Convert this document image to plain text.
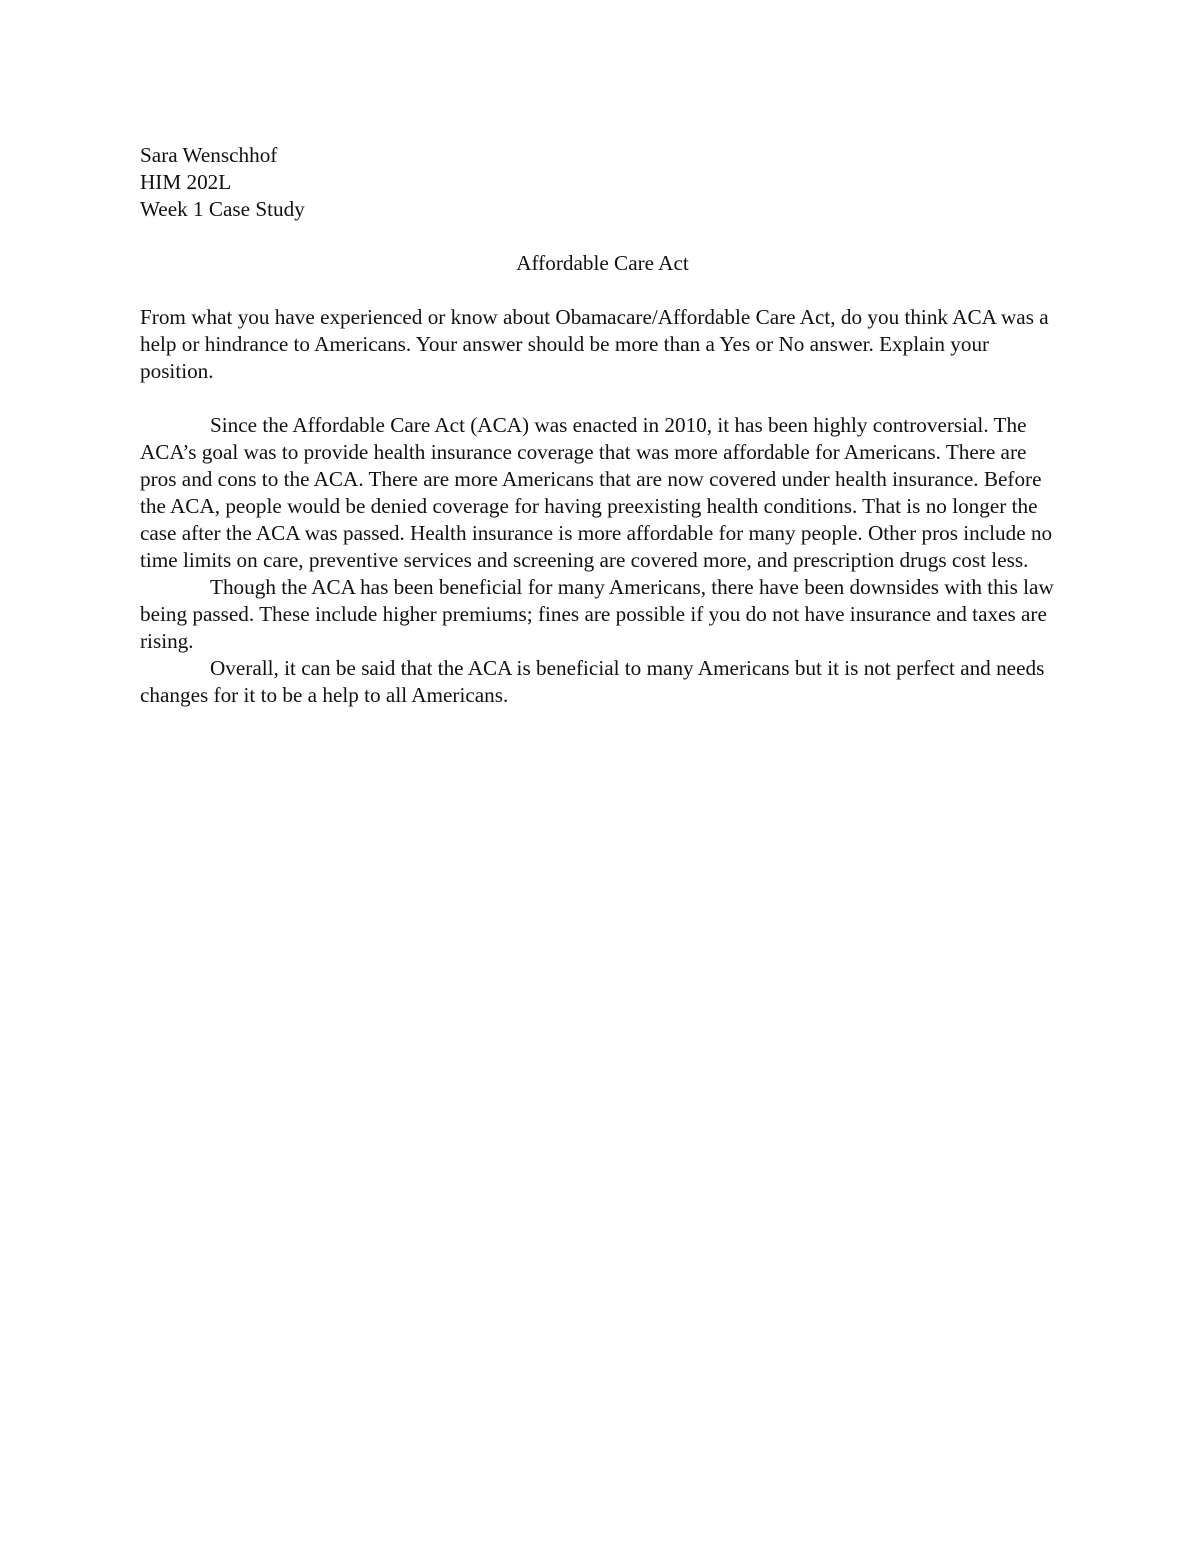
Sara Wenschhof
HIM 202L
Week 1 Case Study
Affordable Care Act

From what you have experienced or know about Obamacare/Affordable Care Act, do you think ACA was a help or hindrance to Americans. Your answer should be more than a Yes or No answer. Explain your position.

Since the Affordable Care Act (ACA) was enacted in 2010, it has been highly controversial. The ACA’s goal was to provide health insurance coverage that was more affordable for Americans. There are pros and cons to the ACA. There are more Americans that are now covered under health insurance. Before the ACA, people would be denied coverage for having preexisting health conditions. That is no longer the case after the ACA was passed. Health insurance is more affordable for many people. Other pros include no time limits on care, preventive services and screening are covered more, and prescription drugs cost less.

Though the ACA has been beneficial for many Americans, there have been downsides with this law being passed. These include higher premiums; fines are possible if you do not have insurance and taxes are rising.

Overall, it can be said that the ACA is beneficial to many Americans but it is not perfect and needs changes for it to be a help to all Americans.
